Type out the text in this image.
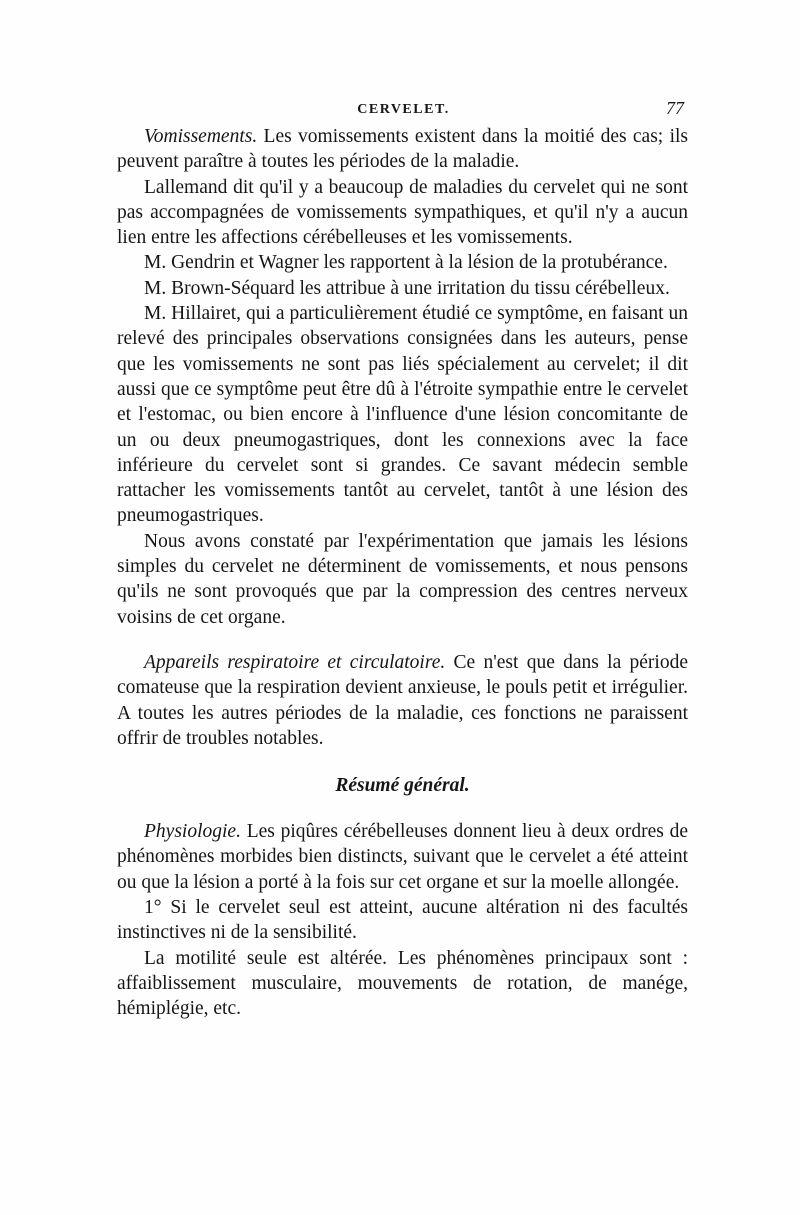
CERVELET.	77

Vomissements. Les vomissements existent dans la moitié des cas; ils peuvent paraître à toutes les périodes de la maladie.

Lallemand dit qu'il y a beaucoup de maladies du cervelet qui ne sont pas accompagnées de vomissements sympathiques, et qu'il n'y a aucun lien entre les affections cérébelleuses et les vomissements.

M. Gendrin et Wagner les rapportent à la lésion de la protubérance.

M. Brown-Séquard les attribue à une irritation du tissu cérébelleux.

M. Hillairet, qui a particulièrement étudié ce symptôme, en faisant un relevé des principales observations consignées dans les auteurs, pense que les vomissements ne sont pas liés spécialement au cervelet; il dit aussi que ce symptôme peut être dû à l'étroite sympathie entre le cervelet et l'estomac, ou bien encore à l'influence d'une lésion concomitante de un ou deux pneumogastriques, dont les connexions avec la face inférieure du cervelet sont si grandes. Ce savant médecin semble rattacher les vomissements tantôt au cervelet, tantôt à une lésion des pneumogastriques.

Nous avons constaté par l'expérimentation que jamais les lésions simples du cervelet ne déterminent de vomissements, et nous pensons qu'ils ne sont provoqués que par la compression des centres nerveux voisins de cet organe.

Appareils respiratoire et circulatoire. Ce n'est que dans la période comateuse que la respiration devient anxieuse, le pouls petit et irrégulier. A toutes les autres périodes de la maladie, ces fonctions ne paraissent offrir de troubles notables.

Résumé général.

Physiologie. Les piqûres cérébelleuses donnent lieu à deux ordres de phénomènes morbides bien distincts, suivant que le cervelet a été atteint ou que la lésion a porté à la fois sur cet organe et sur la moelle allongée.

1° Si le cervelet seul est atteint, aucune altération ni des facultés instinctives ni de la sensibilité.

La motilité seule est altérée. Les phénomènes principaux sont : affaiblissement musculaire, mouvements de rotation, de manége, hémiplégie, etc.
